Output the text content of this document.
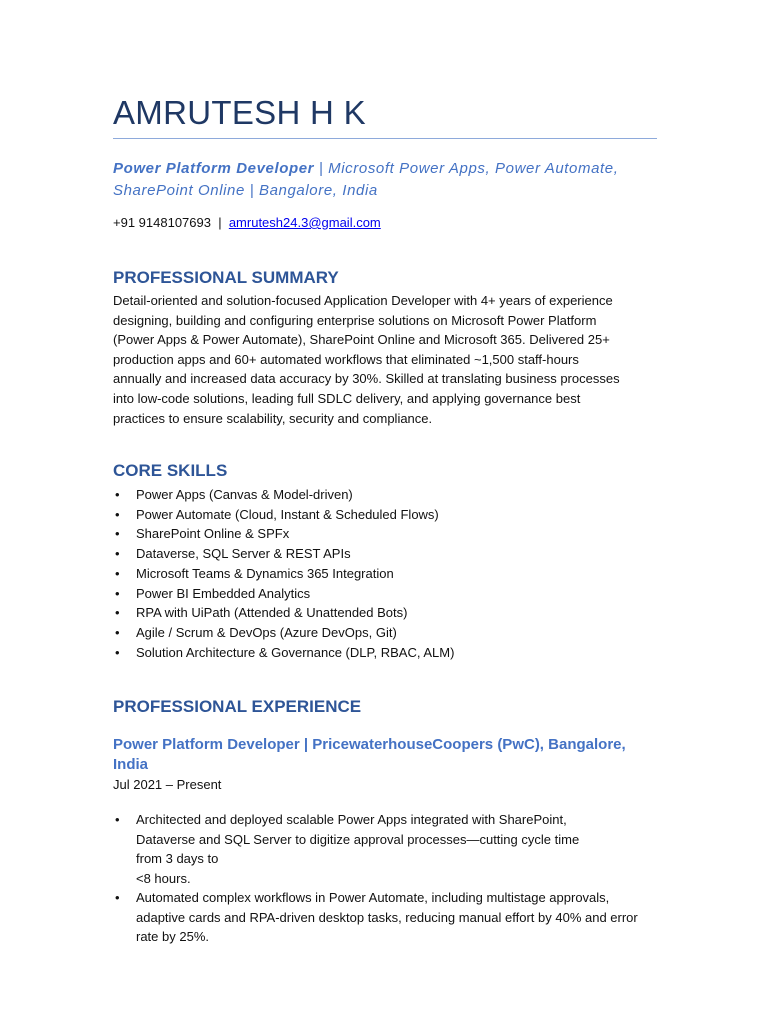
AMRUTESH H K

Power Platform Developer | Microsoft Power Apps, Power Automate,
SharePoint Online | Bangalore, India

+91 9148107693 | amrutesh24.3@gmail.com
PROFESSIONAL SUMMARY

Detail-oriented and solution-focused Application Developer with 4+ years of experience
designing, building and configuring enterprise solutions on Microsoft Power Platform
(Power Apps & Power Automate), SharePoint Online and Microsoft 365. Delivered 25+
production apps and 60+ automated workflows that eliminated ~1,500 staff-hours
annually and increased data accuracy by 30%. Skilled at translating business processes
into low-code solutions, leading full SDLC delivery, and applying governance best
practices to ensure scalability, security and compliance.

CORE SKILLS
• Power Apps (Canvas & Model-driven)
• Power Automate (Cloud, Instant & Scheduled Flows)
• SharePoint Online & SPFx
• Dataverse, SQL Server & REST APIs
• Microsoft Teams & Dynamics 365 Integration
• Power BI Embedded Analytics
• RPA with UiPath (Attended & Unattended Bots)
• Agile / Scrum & DevOps (Azure DevOps, Git)
• Solution Architecture & Governance (DLP, RBAC, ALM)
PROFESSIONAL EXPERIENCE

Power Platform Developer | PricewaterhouseCoopers (PwC), Bangalore,
India

Jul 2021 – Present
• Architected and deployed scalable Power Apps integrated with SharePoint,
Dataverse and SQL Server to digitize approval processes—cutting cycle time
from 3 days to
<8 hours.
• Automated complex workflows in Power Automate, including multistage approvals,
adaptive cards and RPA-driven desktop tasks, reducing manual effort by 40% and error
rate by 25%.
